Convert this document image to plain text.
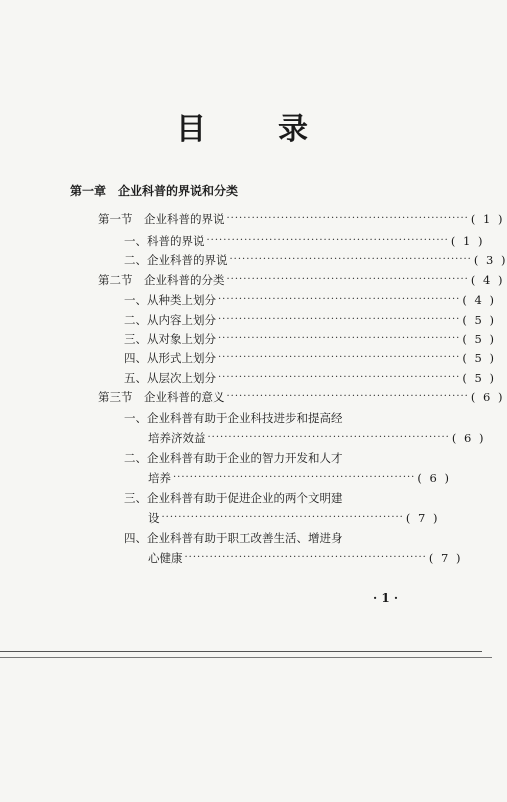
目 录
第一章　企业科普的界说和分类
第一节　企业科普的界说 ·························································· ( 1 )
一、科普的界说 ·························································· ( 1 )
二、企业科普的界说 ·························································· ( 3 )
第二节　企业科普的分类 ·························································· ( 4 )
一、从种类上划分 ·························································· ( 4 )
二、从内容上划分 ·························································· ( 5 )
三、从对象上划分 ·························································· ( 5 )
四、从形式上划分 ·························································· ( 5 )
五、从层次上划分 ·························································· ( 5 )
第三节　企业科普的意义 ·························································· ( 6 )
一、企业科普有助于企业科技进步和提高经
培养济效益 ·························································· ( 6 )
二、企业科普有助于企业的智力开发和人才
培养 ·························································· ( 6 )
三、企业科普有助于促进企业的两个文明建
设 ·························································· ( 7 )
四、企业科普有助于职工改善生活、增进身
心健康 ·························································· ( 7 )
· 1 ·
